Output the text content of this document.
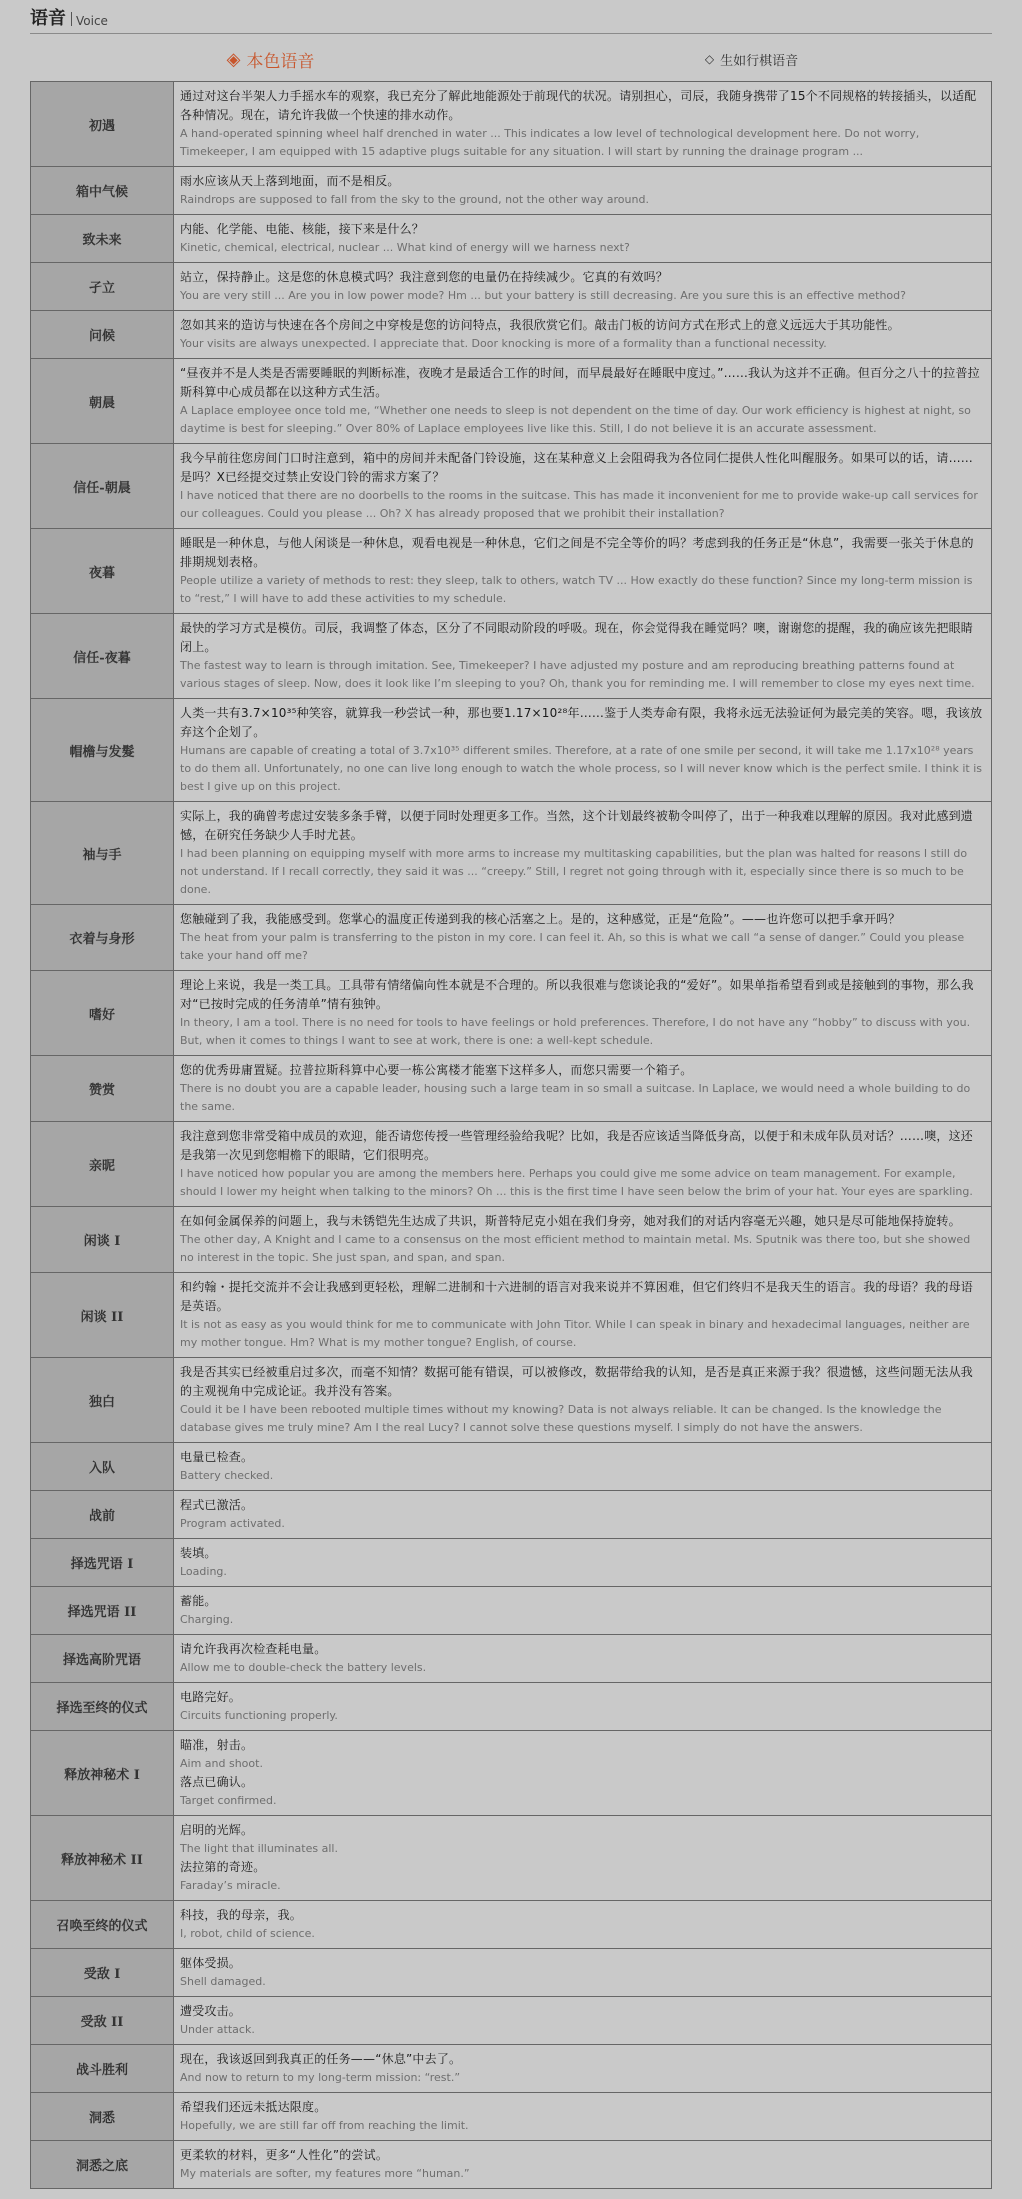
语音 Voice
◈ 本色语音	◇ 生如行棋语音
初遇	通过对这台半架人力手摇水车的观察，我已充分了解此地能源处于前现代的状况。请别担心，司辰，我随身携带了15个不同规格的转接插头，以适配各种情况。现在，请允许我做一个快速的排水动作。
A hand-operated spinning wheel half drenched in water ... This indicates a low level of technological development here. Do not worry, Timekeeper, I am equipped with 15 adaptive plugs suitable for any situation. I will start by running the drainage program ...

箱中气候	雨水应该从天上落到地面，而不是相反。
Raindrops are supposed to fall from the sky to the ground, not the other way around.

致未来	内能、化学能、电能、核能，接下来是什么？
Kinetic, chemical, electrical, nuclear ... What kind of energy will we harness next?

孑立	站立，保持静止。这是您的休息模式吗？我注意到您的电量仍在持续减少。它真的有效吗？
You are very still ... Are you in low power mode? Hm ... but your battery is still decreasing. Are you sure this is an effective method?

问候	忽如其来的造访与快速在各个房间之中穿梭是您的访问特点，我很欣赏它们。敲击门板的访问方式在形式上的意义远远大于其功能性。
Your visits are always unexpected. I appreciate that. Door knocking is more of a formality than a functional necessity.

朝晨	“昼夜并不是人类是否需要睡眠的判断标准，夜晚才是最适合工作的时间，而早晨最好在睡眠中度过。”……我认为这并不正确。但百分之八十的拉普拉斯科算中心成员都在以这种方式生活。
A Laplace employee once told me, “Whether one needs to sleep is not dependent on the time of day. Our work efficiency is highest at night, so daytime is best for sleeping.” Over 80% of Laplace employees live like this. Still, I do not believe it is an accurate assessment.

信任-朝晨	我今早前往您房间门口时注意到，箱中的房间并未配备门铃设施，这在某种意义上会阻碍我为各位同仁提供人性化叫醒服务。如果可以的话，请……是吗？X已经提交过禁止安设门铃的需求方案了？
I have noticed that there are no doorbells to the rooms in the suitcase. This has made it inconvenient for me to provide wake-up call services for our colleagues. Could you please ... Oh? X has already proposed that we prohibit their installation?

夜暮	睡眠是一种休息，与他人闲谈是一种休息，观看电视是一种休息，它们之间是不完全等价的吗？考虑到我的任务正是“休息”，我需要一张关于休息的排期规划表格。
People utilize a variety of methods to rest: they sleep, talk to others, watch TV ... How exactly do these function? Since my long-term mission is to “rest,” I will have to add these activities to my schedule.

信任-夜暮	最快的学习方式是模仿。司辰，我调整了体态，区分了不同眼动阶段的呼吸。现在，你会觉得我在睡觉吗？噢，谢谢您的提醒，我的确应该先把眼睛闭上。
The fastest way to learn is through imitation. See, Timekeeper? I have adjusted my posture and am reproducing breathing patterns found at various stages of sleep. Now, does it look like I’m sleeping to you? Oh, thank you for reminding me. I will remember to close my eyes next time.

帽檐与发髮	人类一共有3.7×10³⁵种笑容，就算我一秒尝试一种，那也要1.17×10²⁸年……鉴于人类寿命有限，我将永远无法验证何为最完美的笑容。嗯，我该放弃这个企划了。
Humans are capable of creating a total of 3.7x10³⁵ different smiles. Therefore, at a rate of one smile per second, it will take me 1.17x10²⁸ years to do them all. Unfortunately, no one can live long enough to watch the whole process, so I will never know which is the perfect smile. I think it is best I give up on this project.

袖与手	实际上，我的确曾考虑过安装多条手臂，以便于同时处理更多工作。当然，这个计划最终被勒令叫停了，出于一种我难以理解的原因。我对此感到遗憾，在研究任务缺少人手时尤甚。
I had been planning on equipping myself with more arms to increase my multitasking capabilities, but the plan was halted for reasons I still do not understand. If I recall correctly, they said it was ... “creepy.” Still, I regret not going through with it, especially since there is so much to be done.

衣着与身形	您触碰到了我，我能感受到。您掌心的温度正传递到我的核心活塞之上。是的，这种感觉，正是“危险”。——也许您可以把手拿开吗？
The heat from your palm is transferring to the piston in my core. I can feel it. Ah, so this is what we call “a sense of danger.” Could you please take your hand off me?

嗜好	理论上来说，我是一类工具。工具带有情绪偏向性本就是不合理的。所以我很难与您谈论我的“爱好”。如果单指希望看到或是接触到的事物，那么我对“已按时完成的任务清单”情有独钟。
In theory, I am a tool. There is no need for tools to have feelings or hold preferences. Therefore, I do not have any “hobby” to discuss with you. But, when it comes to things I want to see at work, there is one: a well-kept schedule.

赞赏	您的优秀毋庸置疑。拉普拉斯科算中心要一栋公寓楼才能塞下这样多人，而您只需要一个箱子。
There is no doubt you are a capable leader, housing such a large team in so small a suitcase. In Laplace, we would need a whole building to do the same.

亲昵	我注意到您非常受箱中成员的欢迎，能否请您传授一些管理经验给我呢？比如，我是否应该适当降低身高，以便于和未成年队员对话？……噢，这还是我第一次见到您帽檐下的眼睛，它们很明亮。
I have noticed how popular you are among the members here. Perhaps you could give me some advice on team management. For example, should I lower my height when talking to the minors? Oh ... this is the first time I have seen below the brim of your hat. Your eyes are sparkling.

闲谈 I	在如何金属保养的问题上，我与未锈铠先生达成了共识，斯普特尼克小姐在我们身旁，她对我们的对话内容毫无兴趣，她只是尽可能地保持旋转。
The other day, A Knight and I came to a consensus on the most efficient method to maintain metal. Ms. Sputnik was there too, but she showed no interest in the topic. She just span, and span, and span.

闲谈 II	和约翰・提托交流并不会让我感到更轻松，理解二进制和十六进制的语言对我来说并不算困难，但它们终归不是我天生的语言。我的母语？我的母语是英语。
It is not as easy as you would think for me to communicate with John Titor. While I can speak in binary and hexadecimal languages, neither are my mother tongue. Hm? What is my mother tongue? English, of course.

独白	我是否其实已经被重启过多次，而毫不知情？数据可能有错误，可以被修改，数据带给我的认知，是否是真正来源于我？很遗憾，这些问题无法从我的主观视角中完成论证。我并没有答案。
Could it be I have been rebooted multiple times without my knowing? Data is not always reliable. It can be changed. Is the knowledge the database gives me truly mine? Am I the real Lucy? I cannot solve these questions myself. I simply do not have the answers.

入队	电量已检查。
Battery checked.

战前	程式已激活。
Program activated.

择选咒语 I	装填。
Loading.

择选咒语 II	蓄能。
Charging.

择选高阶咒语	请允许我再次检查耗电量。
Allow me to double-check the battery levels.

择选至终的仪式	电路完好。
Circuits functioning properly.

释放神秘术 I	瞄准，射击。
Aim and shoot.
落点已确认。
Target confirmed.

释放神秘术 II	启明的光辉。
The light that illuminates all.
法拉第的奇迹。
Faraday’s miracle.

召唤至终的仪式	科技，我的母亲，我。
I, robot, child of science.

受敌 I	躯体受损。
Shell damaged.

受敌 II	遭受攻击。
Under attack.

战斗胜利	现在，我该返回到我真正的任务——“休息”中去了。
And now to return to my long-term mission: “rest.”

洞悉	希望我们还远未抵达限度。
Hopefully, we are still far off from reaching the limit.

洞悉之底	更柔软的材料，更多“人性化”的尝试。
My materials are softer, my features more “human.”
